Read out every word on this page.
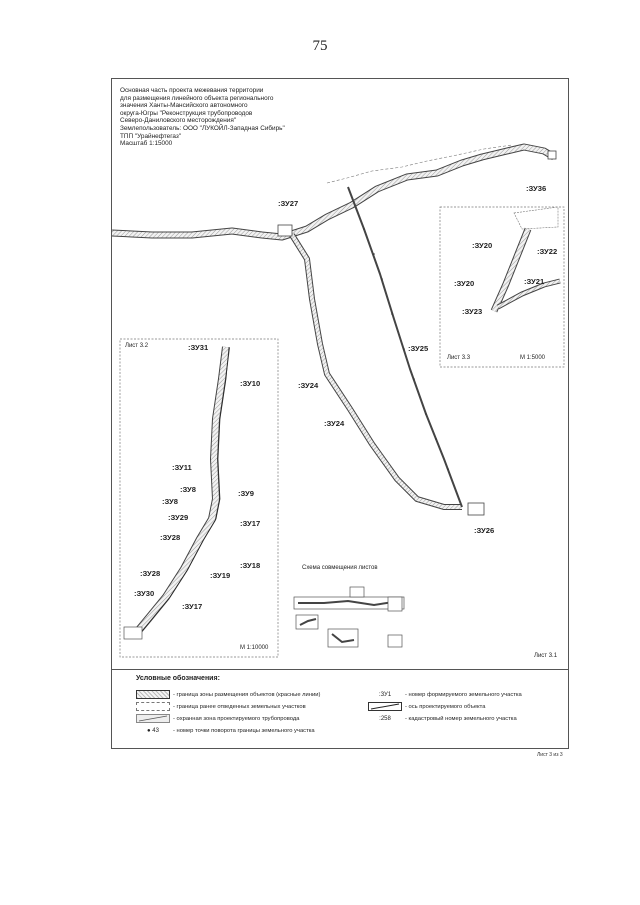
75
Основная часть проекта межевания территории
для размещения линейного объекта регионального
значения Ханты-Мансийского автономного
округа-Югры "Реконструкция трубопроводов
Северо-Даниловского месторождения"
Землепользователь: ООО "ЛУКОЙЛ-Западная Сибирь"
ТПП "Урайнефтегаз"
Масштаб 1:15000
:ЗУ36
:ЗУ27
:ЗУ25
:ЗУ24
:ЗУ24
:ЗУ26
Лист 3.2
М 1:10000
:ЗУ31
:ЗУ10
:ЗУ11
:ЗУ8	:ЗУ9
:ЗУ8
:ЗУ29
:ЗУ17
:ЗУ28
:ЗУ18
:ЗУ19
:ЗУ28
:ЗУ30
:ЗУ17
Лист 3.3	М 1:5000
:ЗУ20
:ЗУ22
:ЗУ20	:ЗУ21
:ЗУ23
Схема совмещения листов
Лист 3.1
Условные обозначения:
- граница зоны размещения объектов (красные линии)
- граница ранее отведенных земельных участков
- охранная зона проектируемого трубопровода
● 43 - номер точки поворота границы земельного участка
:ЗУ1	- номер формируемого земельного участка
- ось проектируемого объекта
:258	- кадастровый номер земельного участка
Лист 3 из 3
